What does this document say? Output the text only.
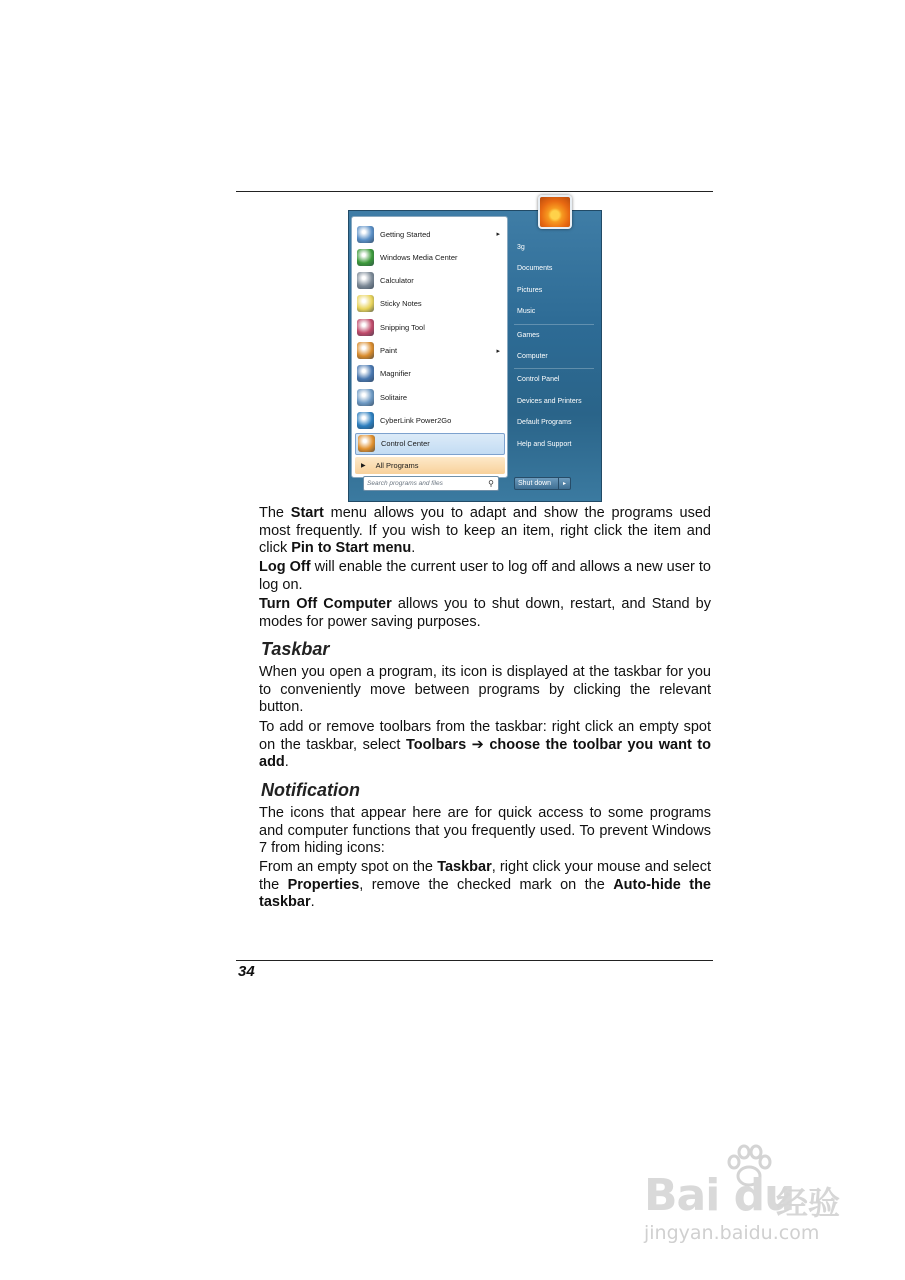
Getting Started	▸
Windows Media Center
Calculator
Sticky Notes
Snipping Tool
Paint	▸
Magnifier
Solitaire
CyberLink Power2Go
Control Center
▶ All Programs
Search programs and files	⚲
3g
Documents
Pictures
Music
Games
Computer
Control Panel
Devices and Printers
Default Programs
Help and Support
Shut down	▸
The Start menu allows you to adapt and show the programs used most frequently. If you wish to keep an item, right click the item and click Pin to Start menu.
Log Off will enable the current user to log off and allows a new user to log on.
Turn Off Computer allows you to shut down, restart, and Stand by modes for power saving purposes.
Taskbar
When you open a program, its icon is displayed at the taskbar for you to conveniently move between programs by clicking the relevant button.
To add or remove toolbars from the taskbar: right click an empty spot on the taskbar, select Toolbars ➔ choose the toolbar you want to add.
Notification
The icons that appear here are for quick access to some programs and computer functions that you frequently used. To prevent Windows 7 from hiding icons:
From an empty spot on the Taskbar, right click your mouse and select the Properties, remove the checked mark on the Auto-hide the taskbar.
34
Bai du
经验
jingyan.baidu.com
